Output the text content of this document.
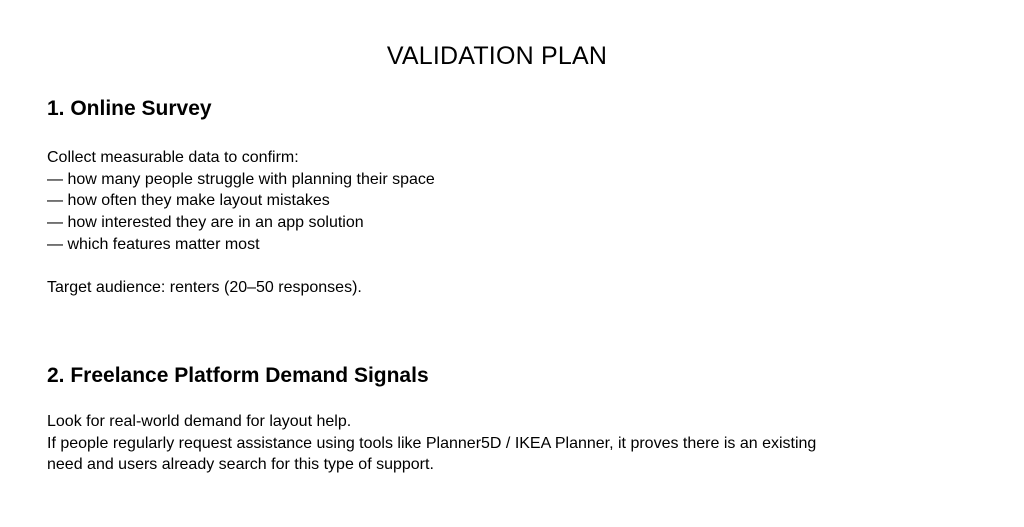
VALIDATION PLAN
1. Online Survey

Collect measurable data to confirm:

— how many people struggle with planning their space
— how often they make layout mistakes
— how interested they are in an app solution
— which features matter most

Target audience: renters (20–50 responses).

2. Freelance Platform Demand Signals
Look for real-world demand for layout help.
If people regularly request assistance using tools like Planner5D / IKEA Planner, it proves there is an existing
need and users already search for this type of support.
